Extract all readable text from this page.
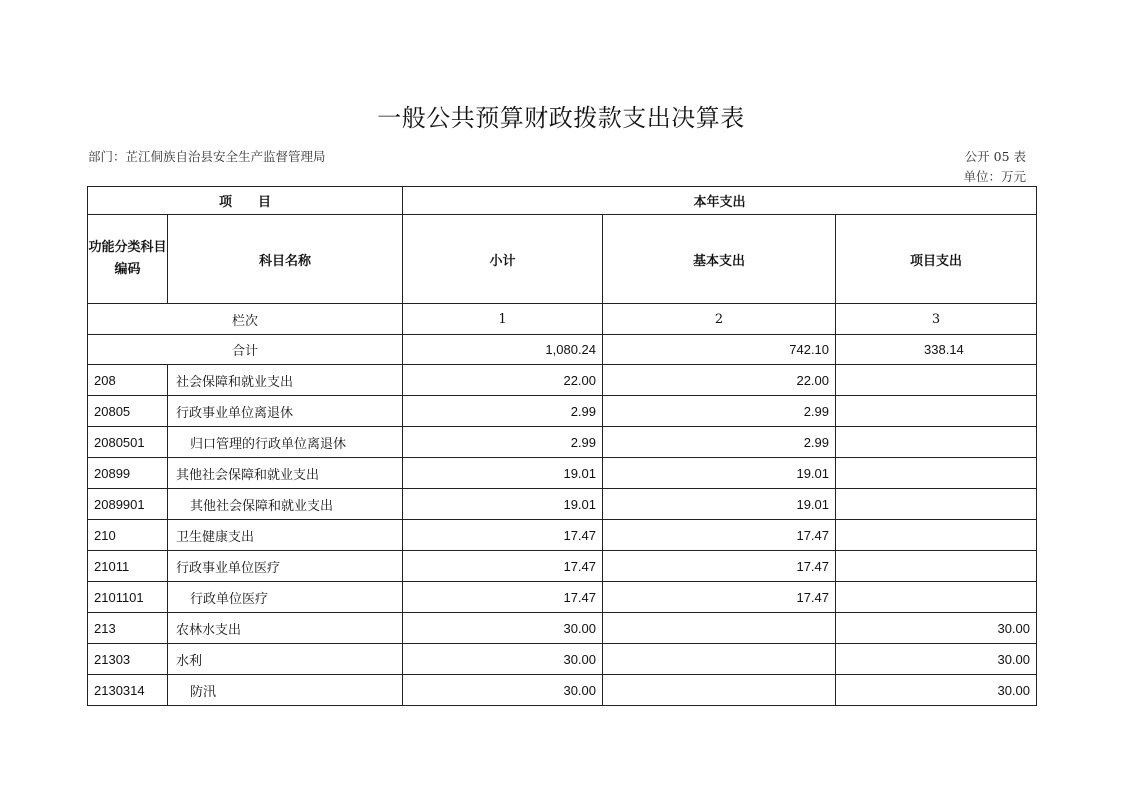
一般公共预算财政拨款支出决算表
部门：芷江侗族自治县安全生产监督管理局	公开 05 表
单位：万元
项　　目		本年支出		
功能分类科目编码	科目名称	小计	基本支出	项目支出
栏次		1	2	3
合计		1,080.24	742.10	338.14
208	社会保障和就业支出	22.00	22.00	
20805	行政事业单位离退休	2.99	2.99	
2080501	归口管理的行政单位离退休	2.99	2.99	
20899	其他社会保障和就业支出	19.01	19.01	
2089901	其他社会保障和就业支出	19.01	19.01	
210	卫生健康支出	17.47	17.47	
21011	行政事业单位医疗	17.47	17.47	
2101101	行政单位医疗	17.47	17.47	
213	农林水支出	30.00		30.00
21303	水利	30.00		30.00
2130314	防汛	30.00		30.00
